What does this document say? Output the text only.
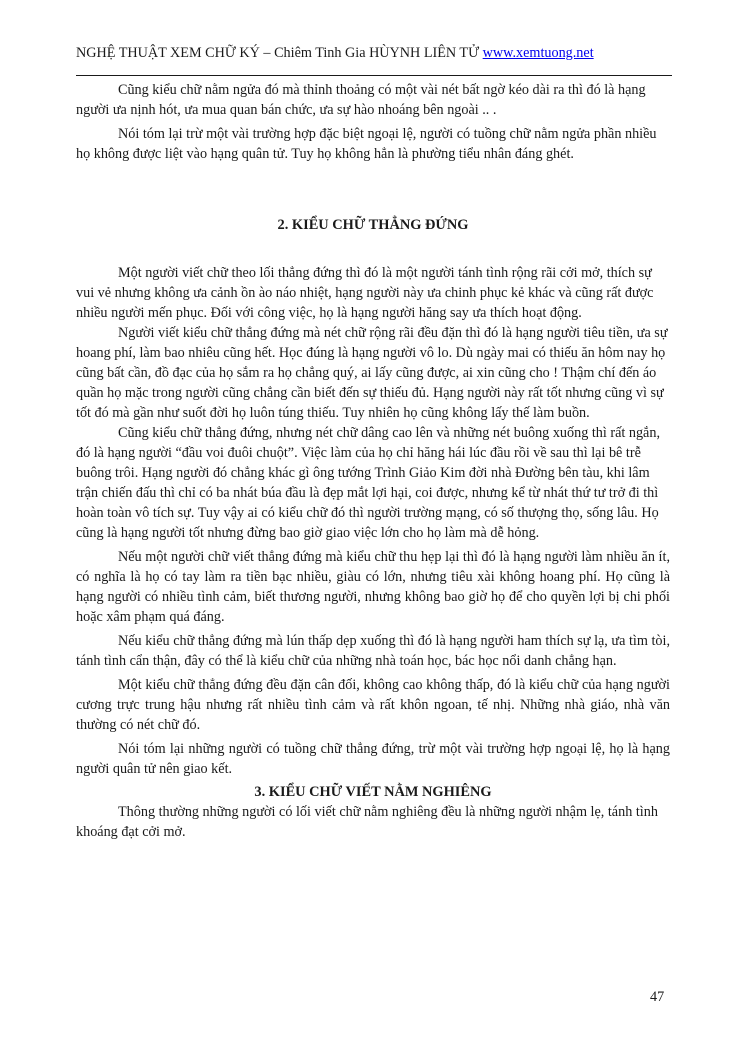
NGHỆ THUẬT XEM CHỮ KÝ – Chiêm Tinh Gia HÙYNH LIÊN TỬ www.xemtuong.net

Cũng kiểu chữ nằm ngửa đó mà thỉnh thoảng có một vài nét bất ngờ kéo dài ra thì đó là hạng người ưa nịnh hót, ưa mua quan bán chức, ưa sự hào nhoáng bên ngoài .. .

Nói tóm lại trừ một vài trường hợp đặc biệt ngoại lệ, người có tuồng chữ nằm ngửa phần nhiều họ không được liệt vào hạng quân tử. Tuy họ không hẳn là phường tiểu nhân đáng ghét.

2. KIỂU CHỮ THẲNG ĐỨNG

Một người viết chữ theo lối thẳng đứng thì đó là một người tánh tình rộng rãi cởi mở, thích sự vui vẻ nhưng không ưa cảnh ồn ào náo nhiệt, hạng người này ưa chinh phục kẻ khác và cũng rất được nhiều người mến phục. Đối với công việc, họ là hạng người hăng say ưa thích hoạt động.

Người viết kiểu chữ thẳng đứng mà nét chữ rộng rãi đều đặn thì đó là hạng người tiêu tiền, ưa sự hoang phí, làm bao nhiêu cũng hết. Học đúng là hạng người vô lo. Dù ngày mai có thiếu ăn hôm nay họ cũng bất cần, đồ đạc của họ sắm ra họ chẳng quý, ai lấy cũng được, ai xin cũng cho ! Thậm chí đến áo quần họ mặc trong người cũng chẳng cần biết đến sự thiếu đủ. Hạng người này rất tốt nhưng cũng vì sự tốt đó mà gần như suốt đời họ luôn túng thiếu. Tuy nhiên họ cũng không lấy thế làm buồn.

Cũng kiểu chữ thẳng đứng, nhưng nét chữ dâng cao lên và những nét buông xuống thì rất ngắn, đó là hạng người “đầu voi đuôi chuột”. Việc làm của họ chỉ hăng hái lúc đầu rồi về sau thì lại bê trễ buông trôi. Hạng người đó chẳng khác gì ông tướng Trình Giảo Kim đời nhà Đường bên tàu, khi lâm trận chiến đấu thì chỉ có ba nhát búa đầu là đẹp mắt lợi hại, coi được, nhưng kể từ nhát thứ tư trở đi thì hoàn toàn vô tích sự. Tuy vậy ai có kiểu chữ đó thì người trường mạng, có số thượng thọ, sống lâu. Họ cũng là hạng người tốt nhưng đừng bao giờ giao việc lớn cho họ làm mà dễ hỏng.

Nếu một người chữ viết thẳng đứng mà kiểu chữ thu hẹp lại thì đó là hạng người làm nhiều ăn ít, có nghĩa là họ có tay làm ra tiền bạc nhiều, giàu có lớn, nhưng tiêu xài không hoang phí. Họ cũng là hạng người có nhiều tình cảm, biết thương người, nhưng không bao giờ họ để cho quyền lợi bị chi phối hoặc xâm phạm quá đáng.

Nếu kiểu chữ thẳng đứng mà lún thấp dẹp xuống thì đó là hạng người ham thích sự lạ, ưa tìm tòi, tánh tình cẩn thận, đây có thể là kiểu chữ của những nhà toán học, bác học nổi danh chẳng hạn.

Một kiểu chữ thẳng đứng đều đặn cân đối, không cao không thấp, đó là kiểu chữ của hạng người cương trực trung hậu nhưng rất nhiều tình cảm và rất khôn ngoan, tế nhị. Những nhà giáo, nhà văn thường có nét chữ đó.

Nói tóm lại những người có tuồng chữ thẳng đứng, trừ một vài trường hợp ngoại lệ, họ là hạng người quân tử nên giao kết.

3. KIỂU CHỮ VIẾT NẰM NGHIÊNG

Thông thường những người có lối viết chữ nằm nghiêng đều là những người nhậm lẹ, tánh tình khoáng đạt cởi mở.

47
